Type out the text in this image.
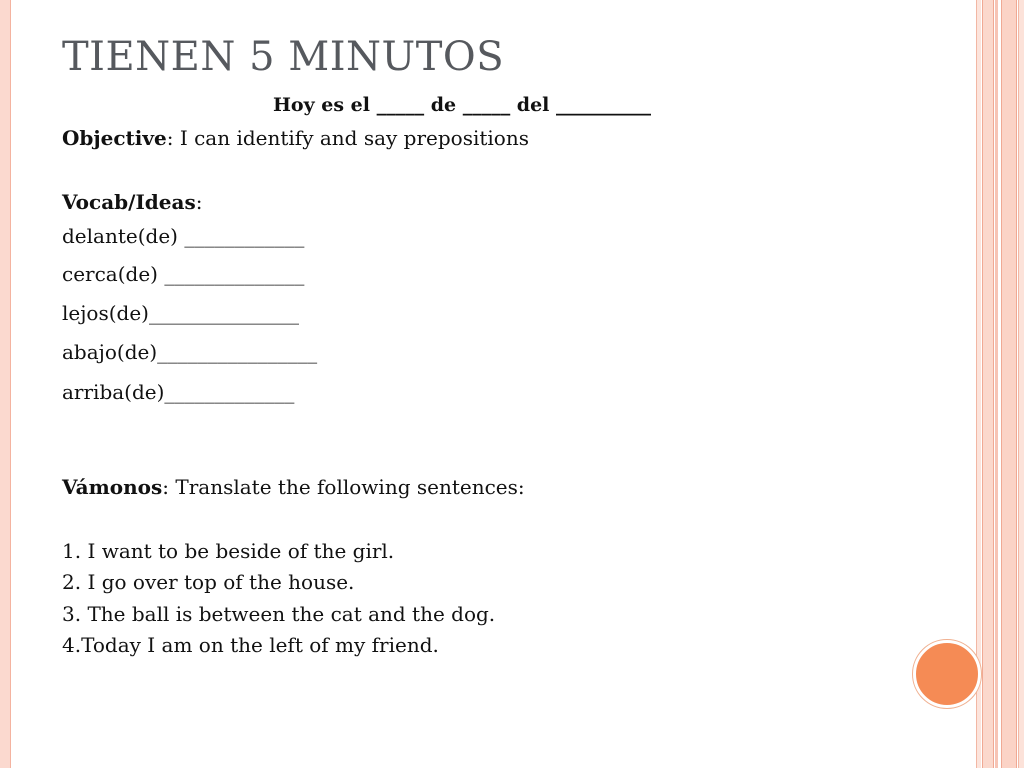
TIENEN 5 MINUTOS
Hoy es el _____ de _____ del __________
Objective: I can identify and say prepositions
Vocab/Ideas:
delante(de) ____________
cerca(de) ______________
lejos(de)_______________
abajo(de)________________
arriba(de)_____________
Vámonos: Translate the following sentences:
1. I want to be beside of the girl.
2. I go over top of the house.
3. The ball is between the cat and the dog.
4.Today I am on the left of my friend.
